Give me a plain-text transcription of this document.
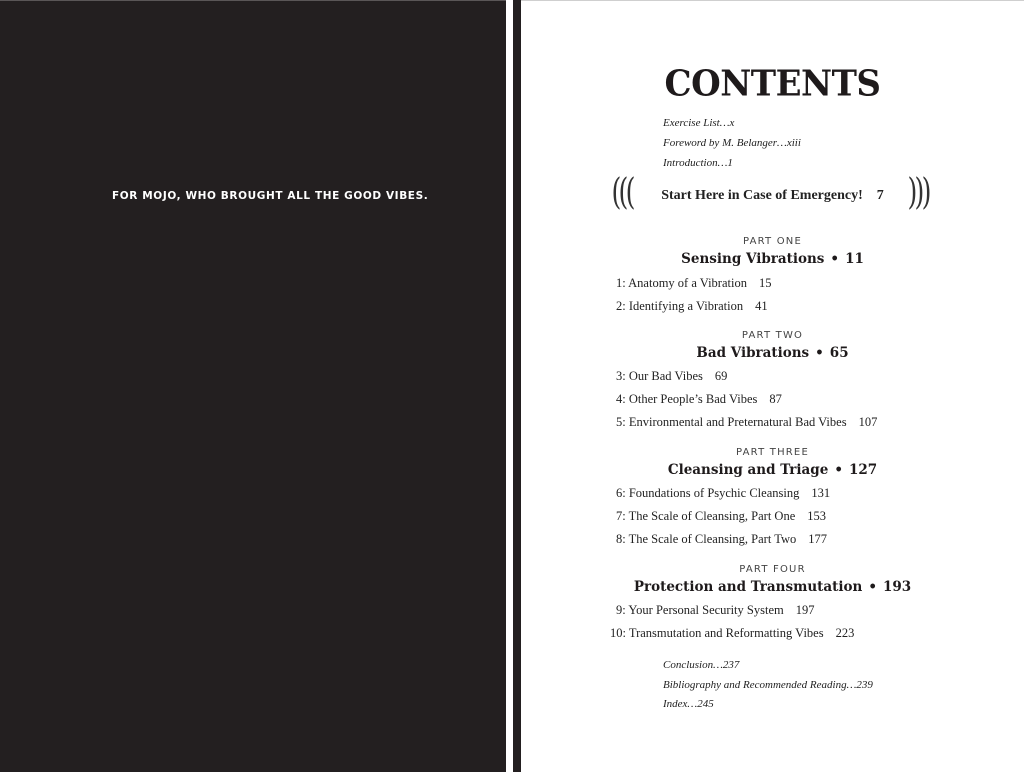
FOR MOJO, WHO BROUGHT ALL THE GOOD VIBES.
CONTENTS
Exercise List…x
Foreword by M. Belanger…xiii
Introduction…1
(((	Start Here in Case of Emergency! 7 )))
PART ONE
Sensing Vibrations • 11
1: Anatomy of a Vibration 15
2: Identifying a Vibration 41
PART TWO
Bad Vibrations • 65
3: Our Bad Vibes 69
4: Other People’s Bad Vibes 87
5: Environmental and Preternatural Bad Vibes 107
PART THREE
Cleansing and Triage • 127
6: Foundations of Psychic Cleansing 131
7: The Scale of Cleansing, Part One 153
8: The Scale of Cleansing, Part Two 177
PART FOUR
Protection and Transmutation • 193
9: Your Personal Security System 197
10: Transmutation and Reformatting Vibes 223
Conclusion…237
Bibliography and Recommended Reading…239
Index…245
